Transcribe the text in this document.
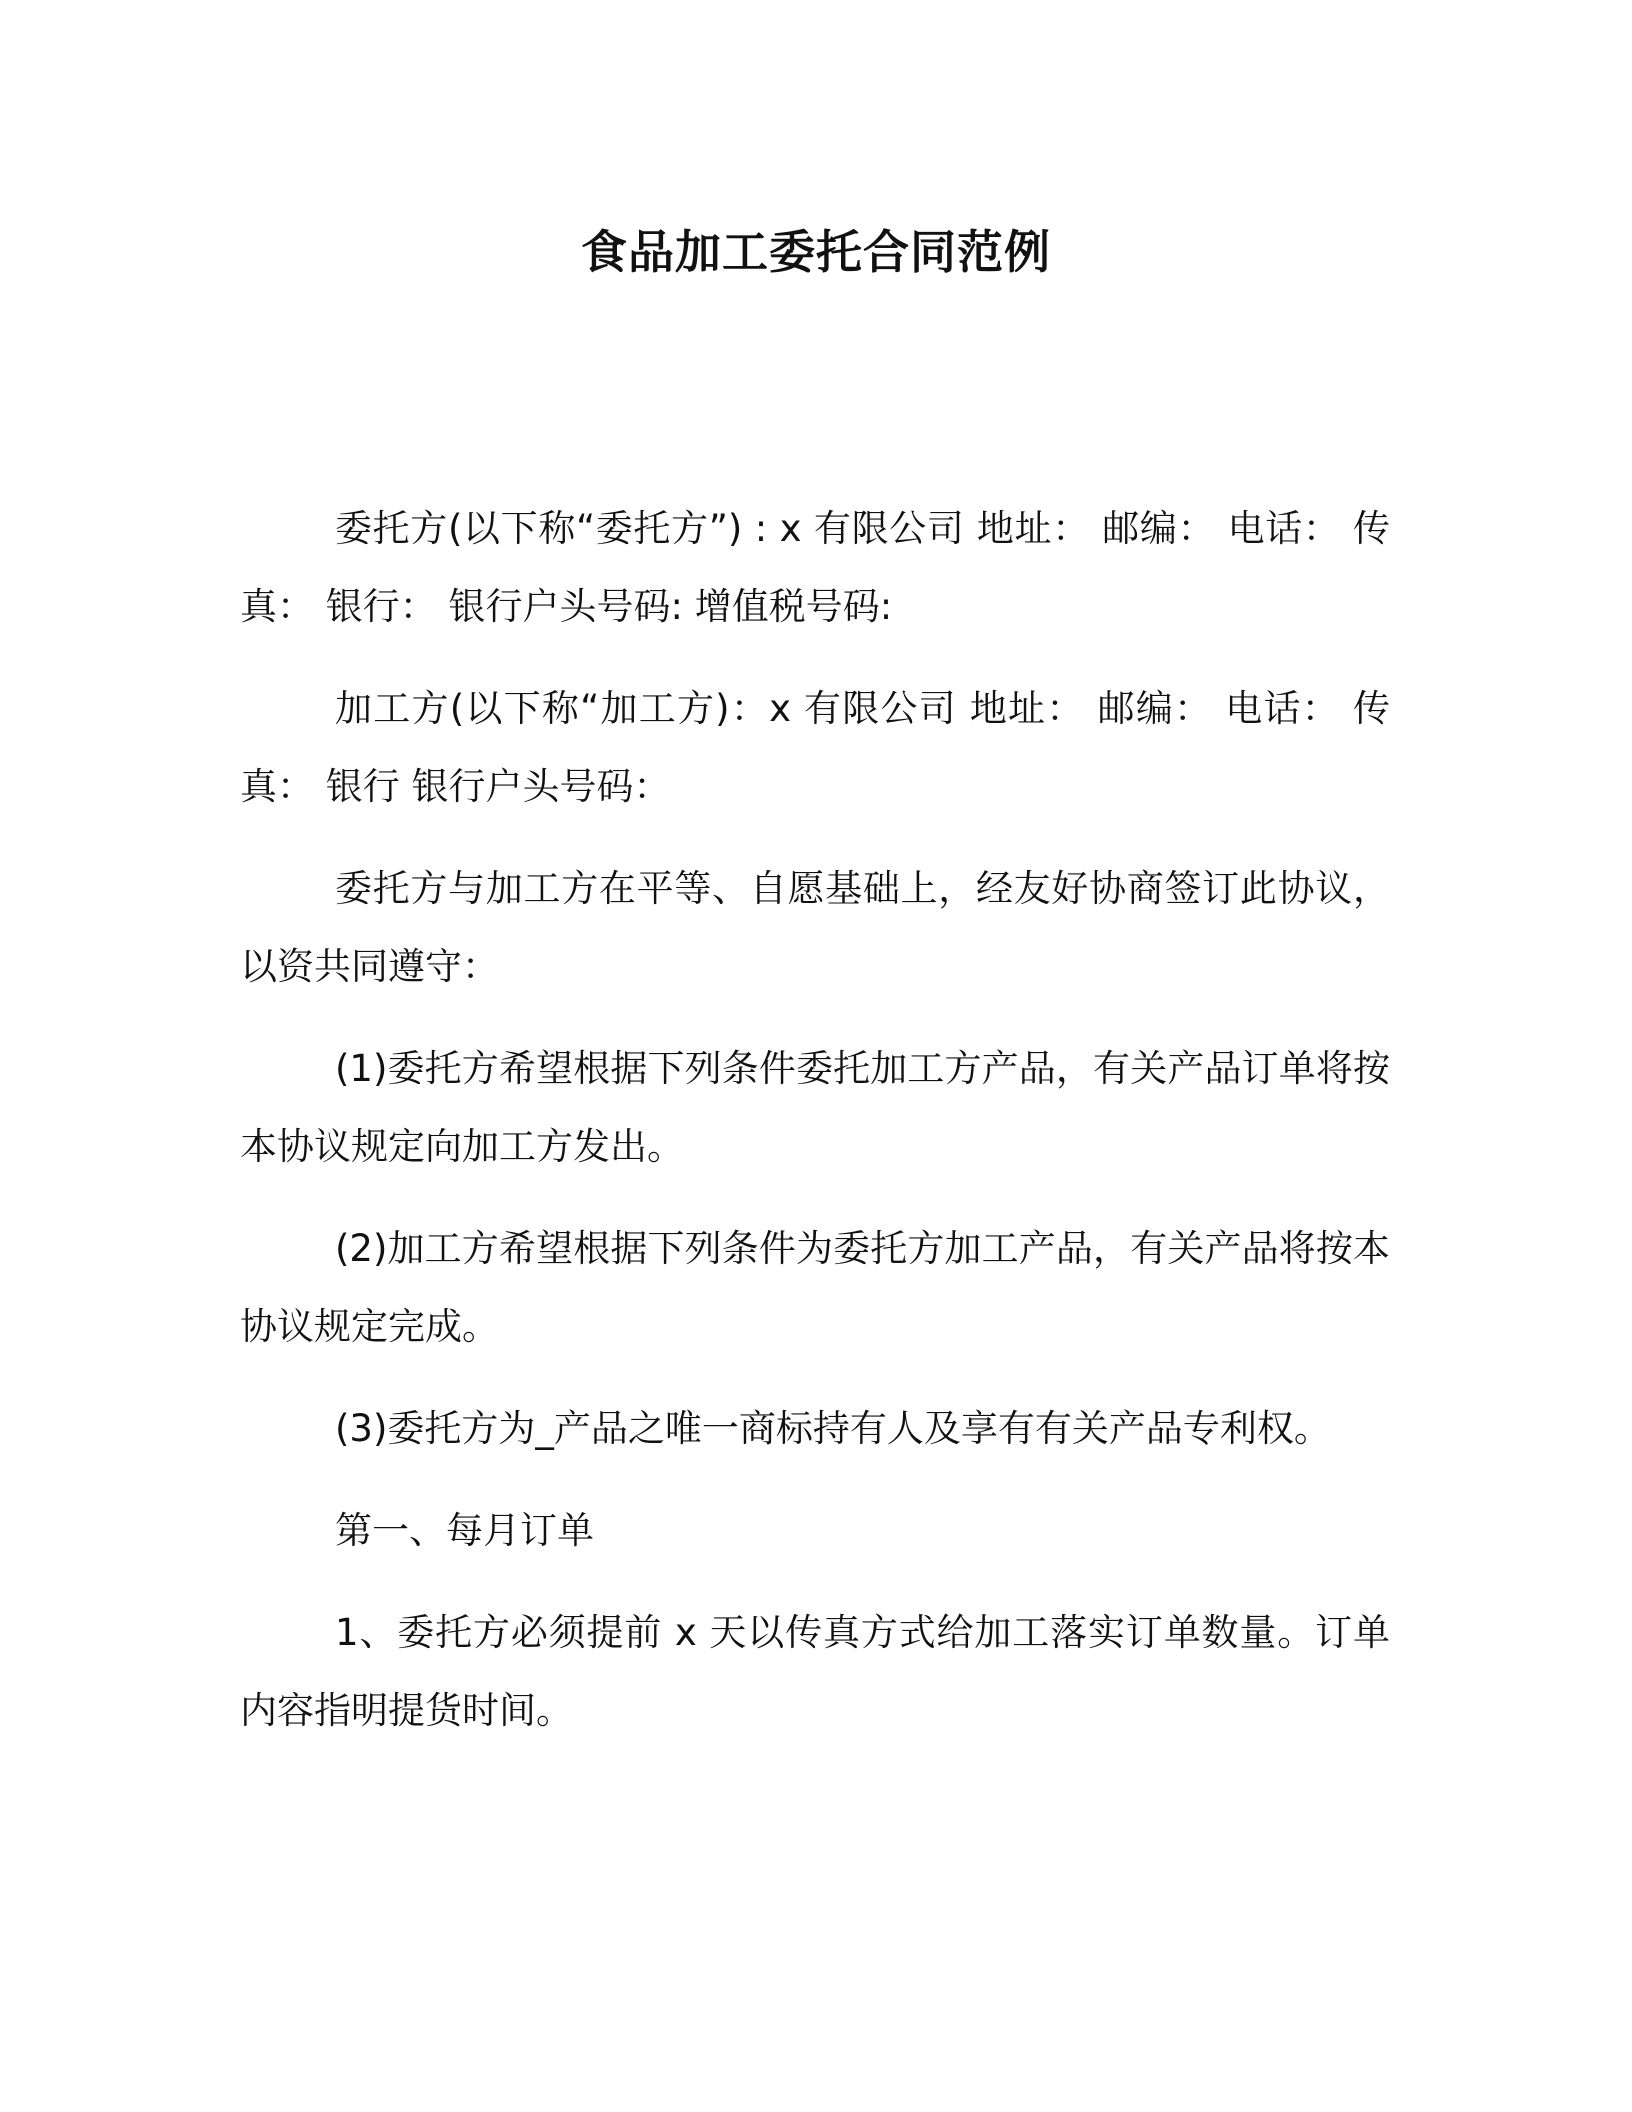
食品加工委托合同范例

委托方(以下称“委托方”) : x 有限公司 地址： 邮编： 电话： 传真： 银行： 银行户头号码: 增值税号码:

加工方(以下称“加工方)：x 有限公司 地址： 邮编： 电话： 传真： 银行 银行户头号码：

委托方与加工方在平等、自愿基础上，经友好协商签订此协议，以资共同遵守：

(1)委托方希望根据下列条件委托加工方产品，有关产品订单将按本协议规定向加工方发出。

(2)加工方希望根据下列条件为委托方加工产品，有关产品将按本协议规定完成。

(3)委托方为_产品之唯一商标持有人及享有有关产品专利权。

第一、每月订单

1、委托方必须提前 x 天以传真方式给加工落实订单数量。订单内容指明提货时间。
